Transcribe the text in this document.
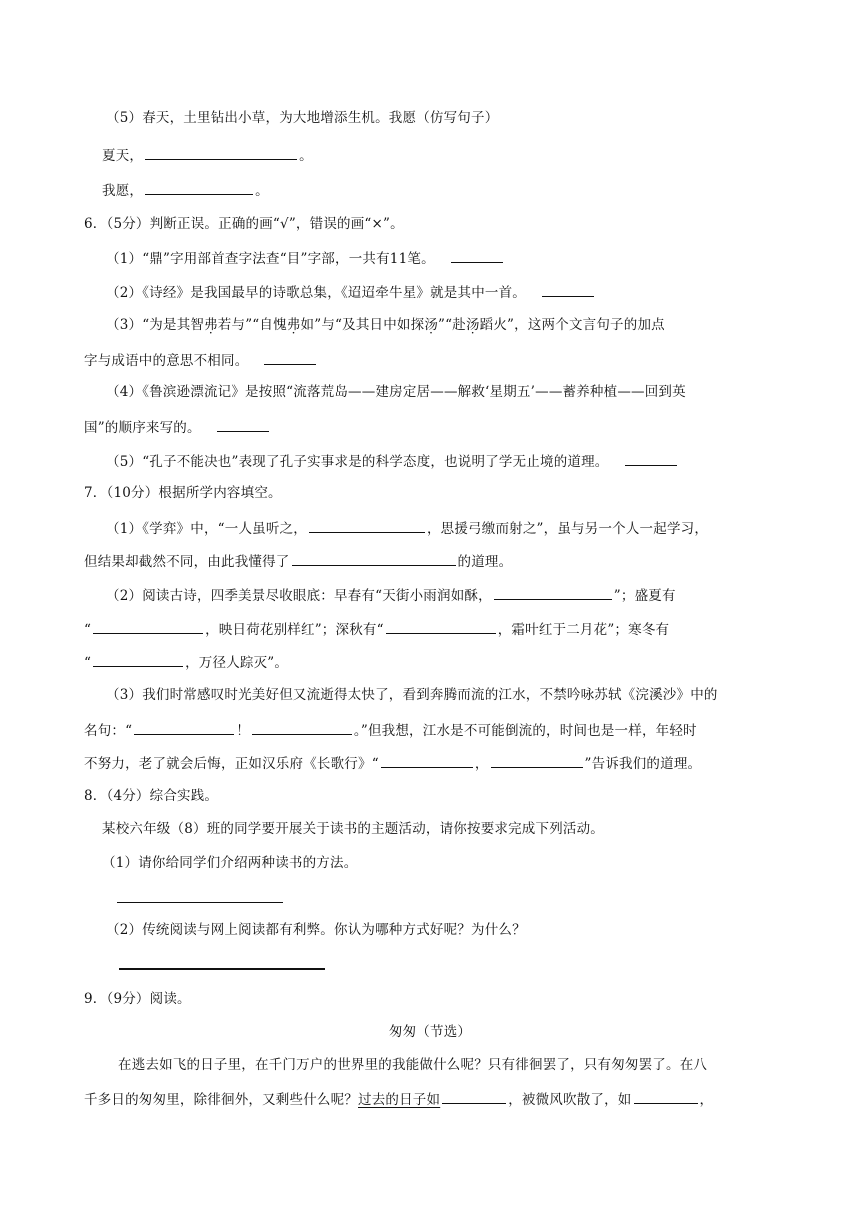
（5）春天，土里钻出小草，为大地增添生机。我愿（仿写句子）
夏天，	。
我愿，	。
6．（5分）判断正误。正确的画“√”，错误的画“×”。
（1）“鼎”字用部首查字法查“目”字部，一共有11笔。
（2）《诗经》是我国最早的诗歌总集，《迢迢牵牛星》就是其中一首。
（3）“为是其智弗若与”“自愧弗如”与“及其日中如探汤”“赴汤蹈火”，这两个文言句子的加点
字与成语中的意思不相同。
（4）《鲁滨逊漂流记》是按照“流落荒岛——建房定居——解救‘星期五’——蓄养种植——回到英
国”的顺序来写的。
（5）“孔子不能决也”表现了孔子实事求是的科学态度，也说明了学无止境的道理。
7．（10分）根据所学内容填空。
（1）《学弈》中，“一人虽听之，	，思援弓缴而射之”，虽与另一个人一起学习，
但结果却截然不同，由此我懂得了	的道理。
（2）阅读古诗，四季美景尽收眼底：早春有“天街小雨润如酥，	”；盛夏有
“	，映日荷花别样红”；深秋有“	，霜叶红于二月花”；寒冬有
“	，万径人踪灭”。
（3）我们时常感叹时光美好但又流逝得太快了，看到奔腾而流的江水，不禁吟咏苏轼《浣溪沙》中的
名句：“	！	。”但我想，江水是不可能倒流的，时间也是一样，年轻时
不努力，老了就会后悔，正如汉乐府《长歌行》“	，	”告诉我们的道理。
8．（4分）综合实践。
某校六年级（8）班的同学要开展关于读书的主题活动，请你按要求完成下列活动。
（1）请你给同学们介绍两种读书的方法。
（2）传统阅读与网上阅读都有利弊。你认为哪种方式好呢？为什么？
9．（9分）阅读。
匆匆（节选）
在逃去如飞的日子里，在千门万户的世界里的我能做什么呢？只有徘徊罢了，只有匆匆罢了。在八
千多日的匆匆里，除徘徊外，又剩些什么呢？过去的日子如	，被微风吹散了，如	，
